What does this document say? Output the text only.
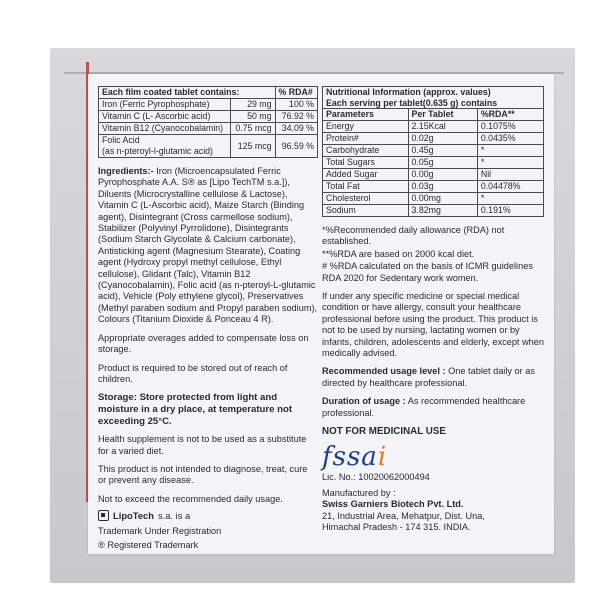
Each film coated tablet contains:		% RDA#
Iron (Ferric Pyrophosphate)	29 mg	100 %
Vitamin C (L- Ascorbic acid)	50 mg	76.92 %
Vitamin B12 (Cyanocobalamin)	0.75 mcg	34.09 %

Folic Acid
(as n-pteroyl-l-glutamic acid)	125 mcg	96.59 %

Ingredients:- Iron (Microencapsulated Ferric Pyrophosphate A.A. S® as [Lipo TechTM s.a.]), Diluents (Microcrystalline cellulose & Lactose), Vitamin C (L-Ascorbic acid), Maize Starch (Binding agent), Disintegrant (Cross carmellose sodium), Stabilizer (Polyvinyl Pyrrolidone), Disintegrants (Sodium Starch Glycolate & Calcium carbonate), Antisticking agent (Magnesium Stearate), Coating agent (Hydroxy propyl methyl cellulose, Ethyl cellulose), Glidant (Talc), Vitamin B12 (Cyanocobalamin), Folic acid (as n-pteroyl-L-glutamic acid), Vehicle (Poly ethylene glycol), Preservatives (Methyl paraben sodium and Propyl paraben sodium), Colours (Titanium Dioxide & Ponceau 4 R).

Appropriate overages added to compensate loss on storage.

Product is required to be stored out of reach of children.

Storage: Store protected from light and moisture in a dry place, at temperature not exceeding 25°C.

Health supplement is not to be used as a substitute for a varied diet.

This product is not intended to diagnose, treat, cure or prevent any disease.

Not to exceed the recommended daily usage.

LipoTech s.a. is a
Trademark Under Registration
® Registered Trademark
Nutritional Information (approx. values)
Each serving per tablet(0.635 g) contains		

Parameters	Per Tablet	%RDA**
Energy	2.15Kcal	0.1075%
Protein#	0.02g	0.0435%
Carbohydrate	0.45g	*
Total Sugars	0.05g	*
Added Sugar	0.00g	Nil
Total Fat	0.03g	0.04478%
Cholesterol	0.00mg	*
Sodium	3.82mg	0.191%

*%Recommended daily allowance (RDA) not established.

**%RDA are based on 2000 kcal diet.

# %RDA calculated on the basis of ICMR guidelines RDA 2020 for Sedentary work women.

If under any specific medicine or special medical condition or have allergy, consult your healthcare professional before using the product. This product is not to be used by nursing, lactating women or by infants, children, adolescents and elderly, except when medically advised.

Recommended usage level : One tablet daily or as directed by healthcare professional.

Duration of usage : As recommended healthcare professional.

NOT FOR MEDICINAL USE
fssa i
Lic. No.: 10020062000494
Manufactured by :
Swiss Garniers Biotech Pvt. Ltd.
21, Industrial Area, Mehatpur, Dist. Una,
Himachal Pradesh - 174 315. INDIA.
